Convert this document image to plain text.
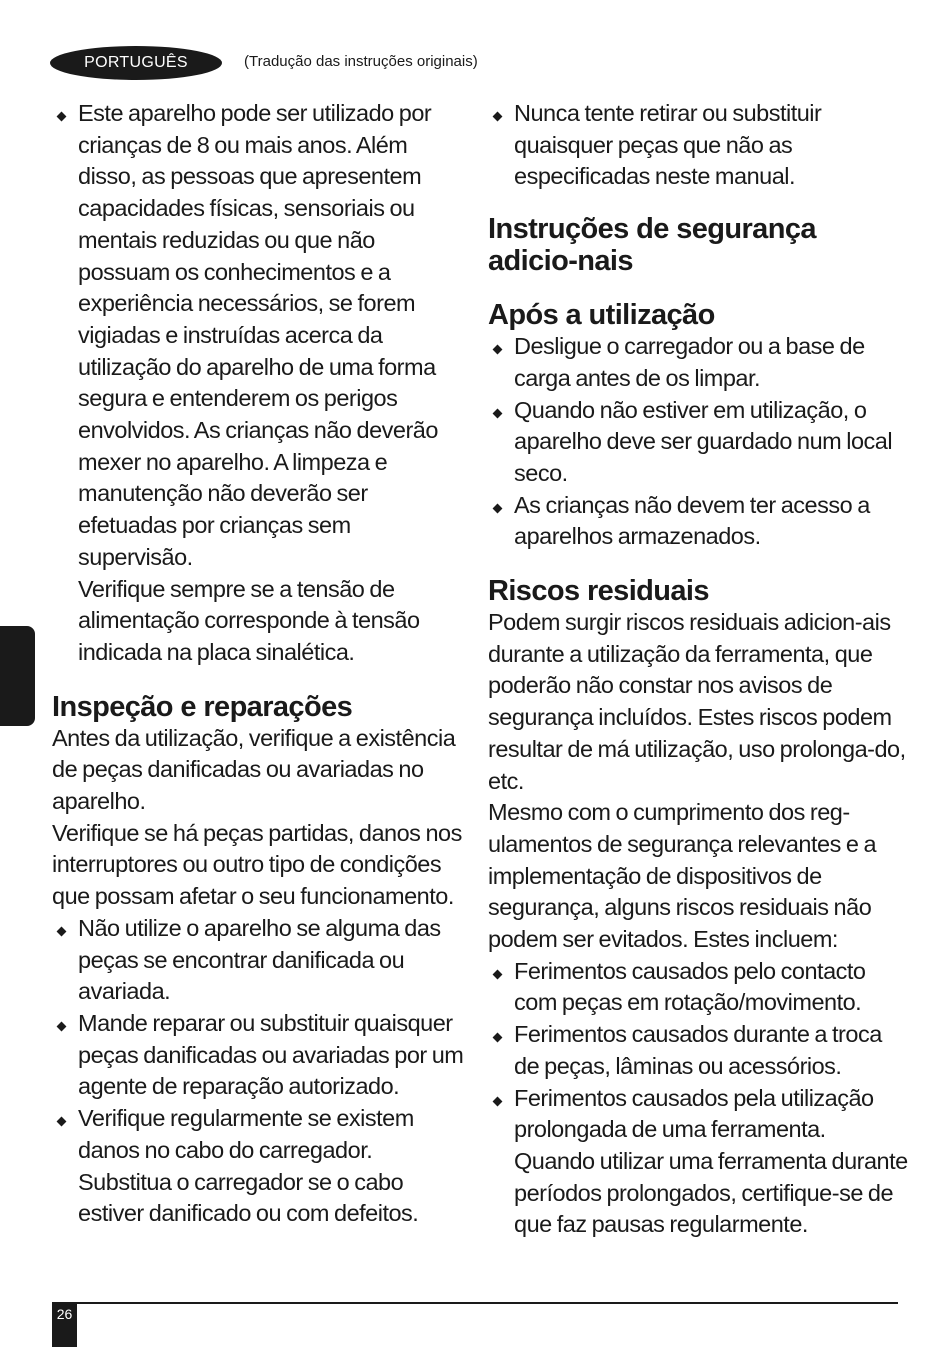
PORTUGUÊS	(Tradução das instruções originais)
Este aparelho pode ser utilizado por crianças de 8 ou mais anos. Além disso, as pessoas que apresentem capacidades físicas, sensoriais ou mentais reduzidas ou que não possuam os conhecimentos e a experiência necessários, se forem vigiadas e instruídas acerca da utilização do aparelho de uma forma segura e entenderem os perigos envolvidos. As crianças não deverão mexer no aparelho. A limpeza e manutenção não deverão ser efetuadas por crianças sem supervisão.
Verifique sempre se a tensão de alimentação corresponde à tensão indicada na placa sinalética.
Inspeção e reparações

Antes da utilização, verifique a existência de peças danificadas ou avariadas no aparelho.

Verifique se há peças partidas, danos nos interruptores ou outro tipo de condições que possam afetar o seu funcionamento.

Não utilize o aparelho se alguma das peças se encontrar danificada ou avariada.
Mande reparar ou substituir quaisquer peças danificadas ou avariadas por um agente de reparação autorizado.
Verifique regularmente se existem danos no cabo do carregador.
Substitua o carregador se o cabo estiver danificado ou com defeitos.
Nunca tente retirar ou substituir quaisquer peças que não as especificadas neste manual.
Instruções de segurança adicio-nais
Após a utilização
Desligue o carregador ou a base de carga antes de os limpar.
Quando não estiver em utilização, o aparelho deve ser guardado num local seco.
As crianças não devem ter acesso a aparelhos armazenados.
Riscos residuais

Podem surgir riscos residuais adicion-ais durante a utilização da ferramenta, que poderão não constar nos avisos de segurança incluídos. Estes riscos podem resultar de má utilização, uso prolonga-do, etc.

Mesmo com o cumprimento dos reg-ulamentos de segurança relevantes e a implementação de dispositivos de segurança, alguns riscos residuais não podem ser evitados. Estes incluem:

Ferimentos causados pelo contacto com peças em rotação/movimento.
Ferimentos causados durante a troca de peças, lâminas ou acessórios.
Ferimentos causados pela utilização prolongada de uma ferramenta.
Quando utilizar uma ferramenta durante períodos prolongados, certifique-se de que faz pausas regularmente.
26
